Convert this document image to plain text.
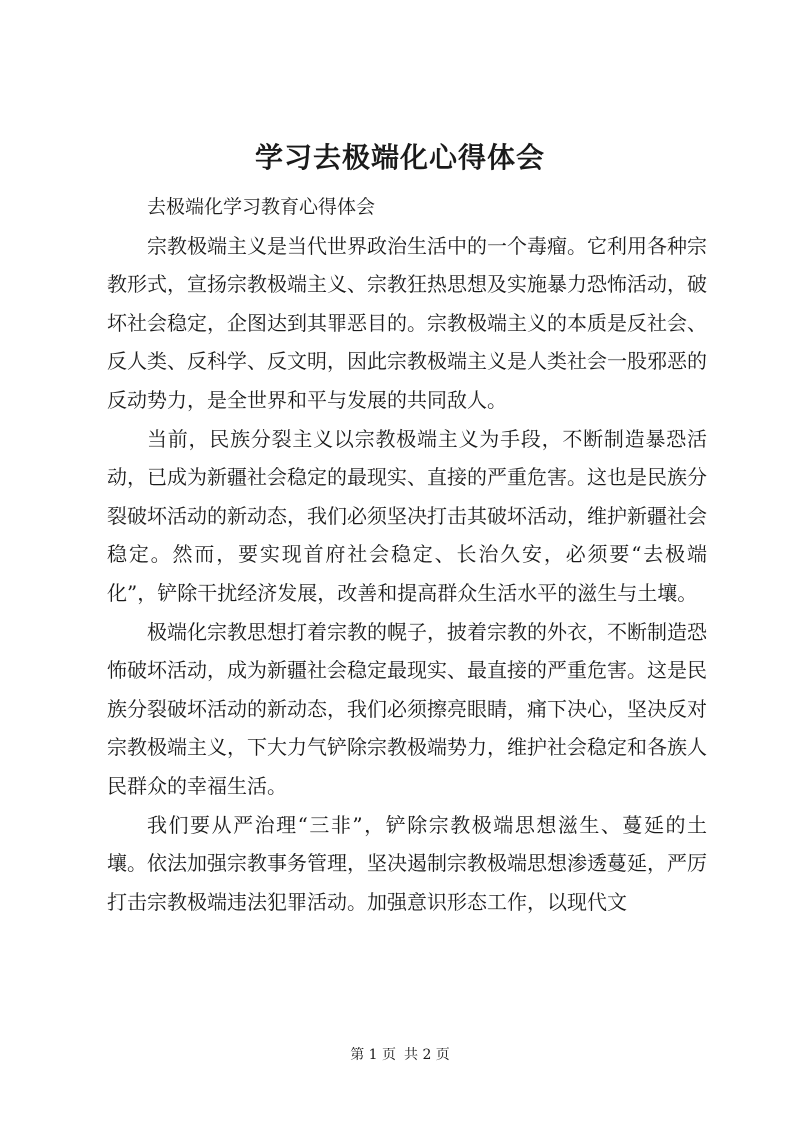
学习去极端化心得体会

去极端化学习教育心得体会

宗教极端主义是当代世界政治生活中的一个毒瘤。它利用各种宗教形式，宣扬宗教极端主义、宗教狂热思想及实施暴力恐怖活动，破坏社会稳定，企图达到其罪恶目的。宗教极端主义的本质是反社会、反人类、反科学、反文明，因此宗教极端主义是人类社会一股邪恶的反动势力，是全世界和平与发展的共同敌人。

当前，民族分裂主义以宗教极端主义为手段，不断制造暴恐活动，已成为新疆社会稳定的最现实、直接的严重危害。这也是民族分裂破坏活动的新动态，我们必须坚决打击其破坏活动，维护新疆社会稳定。然而，要实现首府社会稳定、长治久安，必须要“去极端化”，铲除干扰经济发展，改善和提高群众生活水平的滋生与土壤。

极端化宗教思想打着宗教的幌子，披着宗教的外衣，不断制造恐怖破坏活动，成为新疆社会稳定最现实、最直接的严重危害。这是民族分裂破坏活动的新动态，我们必须擦亮眼睛，痛下决心，坚决反对宗教极端主义，下大力气铲除宗教极端势力，维护社会稳定和各族人民群众的幸福生活。

我们要从严治理“三非”，铲除宗教极端思想滋生、蔓延的土壤。依法加强宗教事务管理，坚决遏制宗教极端思想渗透蔓延，严厉打击宗教极端违法犯罪活动。加强意识形态工作，以现代文

第 1 页 共 2 页
